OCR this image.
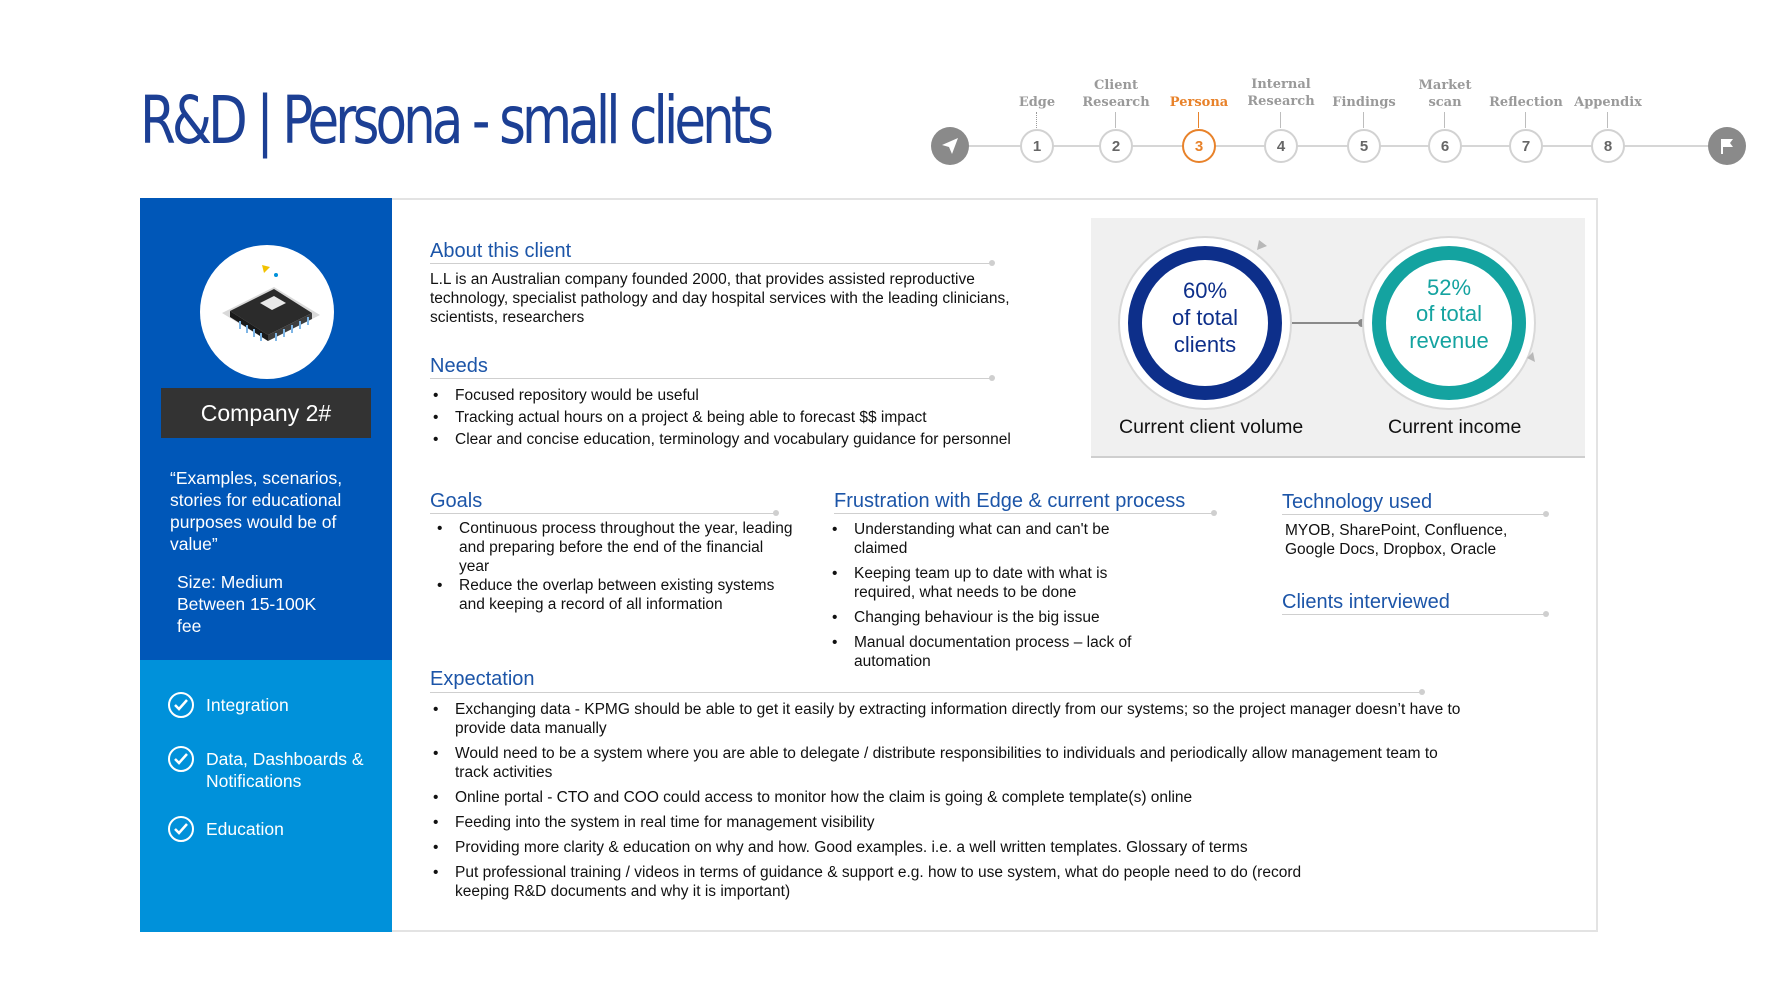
R&D | Persona - small clients	Edge
1
Client
Research
2
Persona
3
Internal
Research
4
Findings
5
Market
scan
6
Reflection
7
Appendix
8
Company 2#
“Examples, scenarios, stories for educational purposes would be of value”
Size: Medium
Between 15-100K fee
Integration
Data, Dashboards & Notifications
Education
About this client
L.L is an Australian company founded 2000, that provides assisted reproductive technology, specialist pathology and day hospital services with the leading clinicians, scientists, researchers
Needs
• Focused repository would be useful
• Tracking actual hours on a project & being able to forecast $$ impact
• Clear and concise education, terminology and vocabulary guidance for personnel
60%
of total
clients
52%
of total
revenue
Current client volume	Current income
Goals
• Continuous process throughout the year, leading and preparing before the end of the financial year
• Reduce the overlap between existing systems and keeping a record of all information
Frustration with Edge & current process
• Understanding what can and can't be claimed
• Keeping team up to date with what is required, what needs to be done
• Changing behaviour is the big issue
• Manual documentation process – lack of automation
Technology used
MYOB, SharePoint, Confluence, Google Docs, Dropbox, Oracle
Clients interviewed
Expectation
• Exchanging data - KPMG should be able to get it easily by extracting information directly from our systems; so the project manager doesn’t have to provide data manually
• Would need to be a system where you are able to delegate / distribute responsibilities to individuals and periodically allow management team to track activities
• Online portal - CTO and COO could access to monitor how the claim is going & complete template(s) online
• Feeding into the system in real time for management visibility
• Providing more clarity & education on why and how. Good examples. i.e. a well written templates. Glossary of terms
• Put professional training / videos in terms of guidance & support e.g. how to use system, what do people need to do (record keeping R&D documents and why it is important)
